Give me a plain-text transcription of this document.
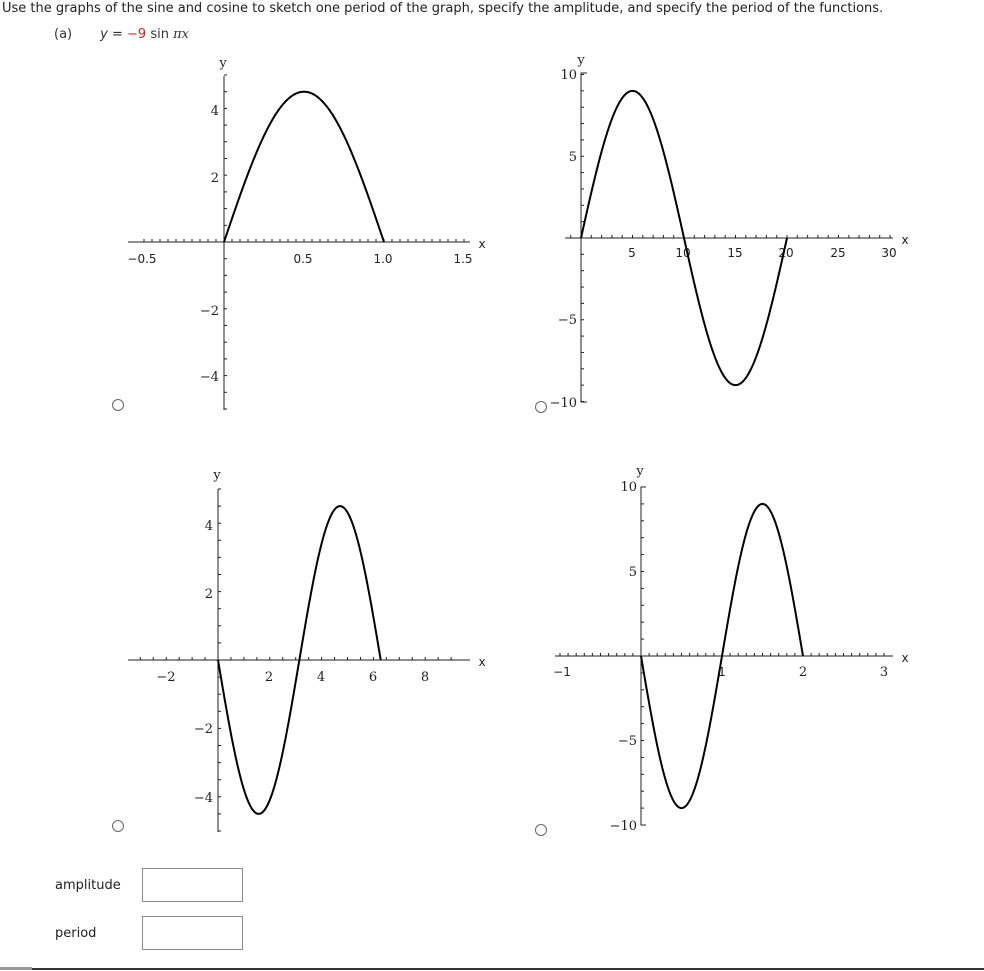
Use the graphs of the sine and cosine to sketch one period of the graph, specify the amplitude, and specify the period of the functions.
(a) y = −9 sin πx
y
x
−0.5	0.5	1.0	1.5
4
2
−2
−4
y
x
5	10	15	20	25	30
10
5
−5
−10
y
x
−2	2	4	6	8
4
2
−2
−4
y
x
−1	1	2	3
10
5
−5
−10
amplitude
period
